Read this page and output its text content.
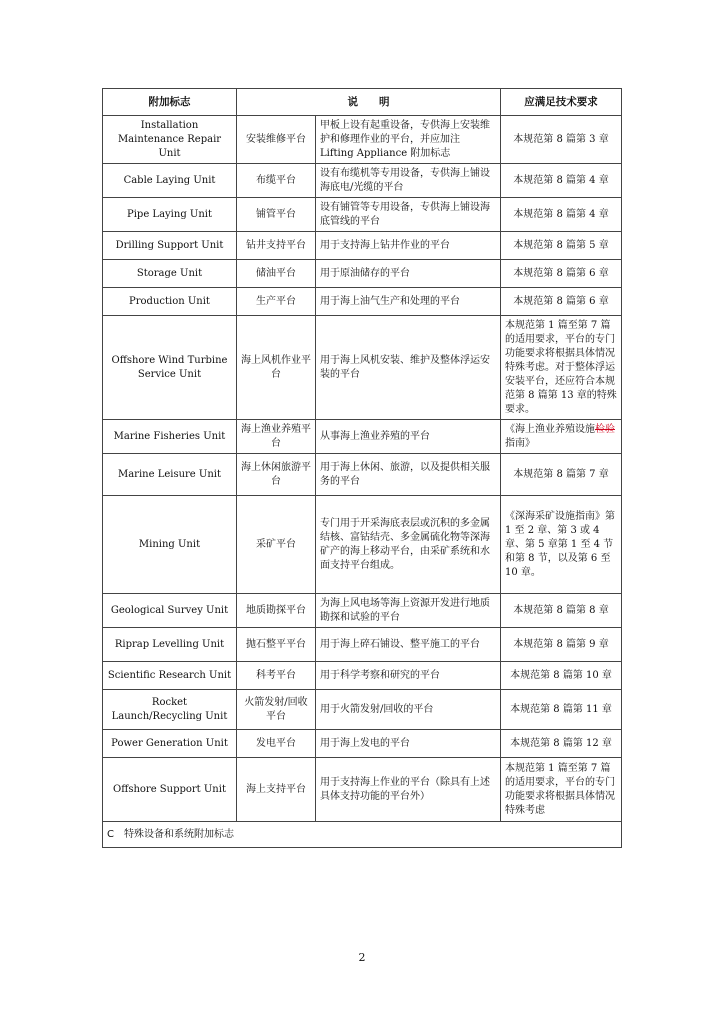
附加标志	说　　明		应满足技术要求
Installation Maintenance Repair Unit	安装维修平台	甲板上设有起重设备，专供海上安装维护和修理作业的平台，并应加注 Lifting Appliance 附加标志	本规范第 8 篇第 3 章
Cable Laying Unit	布缆平台	设有布缆机等专用设备，专供海上铺设海底电/光缆的平台	本规范第 8 篇第 4 章
Pipe Laying Unit	铺管平台	设有铺管等专用设备，专供海上铺设海底管线的平台	本规范第 8 篇第 4 章
Drilling Support Unit	钻井支持平台	用于支持海上钻井作业的平台	本规范第 8 篇第 5 章
Storage Unit	储油平台	用于原油储存的平台	本规范第 8 篇第 6 章
Production Unit	生产平台	用于海上油气生产和处理的平台	本规范第 8 篇第 6 章
Offshore Wind Turbine Service Unit	海上风机作业平台	用于海上风机安装、维护及整体浮运安装的平台	本规范第 1 篇至第 7 篇的适用要求，平台的专门功能要求将根据具体情况特殊考虑。对于整体浮运安装平台，还应符合本规范第 8 篇第 13 章的特殊要求。
Marine Fisheries Unit	海上渔业养殖平台	从事海上渔业养殖的平台	《海上渔业养殖设施检验指南》
Marine Leisure Unit	海上休闲旅游平台	用于海上休闲、旅游，以及提供相关服务的平台	本规范第 8 篇第 7 章
Mining Unit	采矿平台	专门用于开采海底表层或沉积的多金属结核、富钴结壳、多金属硫化物等深海矿产的海上移动平台，由采矿系统和水面支持平台组成。	《深海采矿设施指南》第 1 至 2 章、第 3 或 4 章、第 5 章第 1 至 4 节和第 8 节，以及第 6 至 10 章。
Geological Survey Unit	地质勘探平台	为海上风电场等海上资源开发进行地质勘探和试验的平台	本规范第 8 篇第 8 章
Riprap Levelling Unit	抛石整平平台	用于海上碎石铺设、整平施工的平台	本规范第 8 篇第 9 章
Scientific Research Unit	科考平台	用于科学考察和研究的平台	本规范第 8 篇第 10 章
Rocket Launch/Recycling Unit	火箭发射/回收平台	用于火箭发射/回收的平台	本规范第 8 篇第 11 章
Power Generation Unit	发电平台	用于海上发电的平台	本规范第 8 篇第 12 章
Offshore Support Unit	海上支持平台	用于支持海上作业的平台（除具有上述具体支持功能的平台外）	本规范第 1 篇至第 7 篇的适用要求，平台的专门功能要求将根据具体情况特殊考虑
C　特殊设备和系统附加标志			
2
